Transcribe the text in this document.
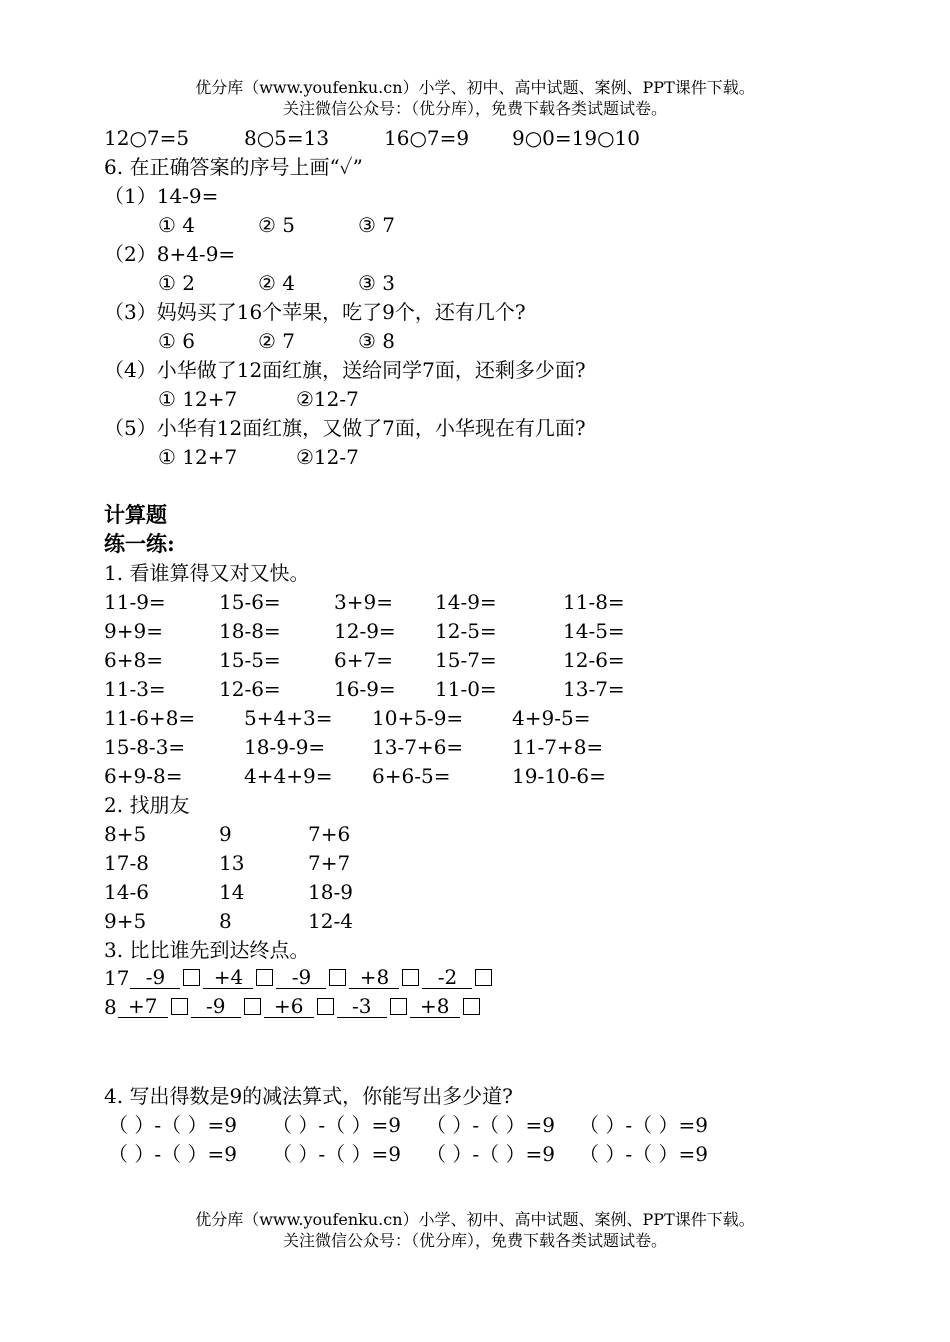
优分库（www.youfenku.cn）小学、初中、高中试题、案例、PPT课件下载。
关注微信公众号：（优分库），免费下载各类试题试卷。
12○7=5	8○5=13	16○7=9 9○0=19○10
6. 在正确答案的序号上画“✓”
（1）14-9=
① 4	② 5	③ 7
（2）8+4-9=
① 2	② 4	③ 3
（3）妈妈买了16个苹果，吃了9个，还有几个?
① 6	② 7	③ 8
（4）小华做了12面红旗，送给同学7面，还剩多少面?
① 12+7	②12-7
（5）小华有12面红旗，又做了7面，小华现在有几面?
① 12+7	②12-7
计算题
练一练:
1. 看谁算得又对又快。
11-9=	15-6=	3+9= 14-9=	11-8=
9+9=	18-8=	12-9= 12-5=	14-5=
6+8=	15-5=	6+7= 15-7=	12-6=
11-3=	12-6=	16-9= 11-0=	13-7=
11-6+8= 5+4+3= 10+5-9= 4+9-5=
15-8-3=	18-9-9= 13-7+6= 11-7+8=
6+9-8=	4+4+9= 6+6-5=	19-10-6=
2. 找朋友
8+5	9	7+6
17-8	13	7+7
14-6	14	18-9
9+5	8	12-4
3. 比比谁先到达终点。
17 -9	+4	-9	+8	-2
8 +7	-9	+6	-3	+8
4. 写出得数是9的减法算式，你能写出多少道?
（ ）-（ ）=9 （ ）-（ ）=9 （ ）-（ ）=9 （ ）-（ ）=9
（ ）-（ ）=9 （ ）-（ ）=9 （ ）-（ ）=9 （ ）-（ ）=9
优分库（www.youfenku.cn）小学、初中、高中试题、案例、PPT课件下载。
关注微信公众号：（优分库），免费下载各类试题试卷。
